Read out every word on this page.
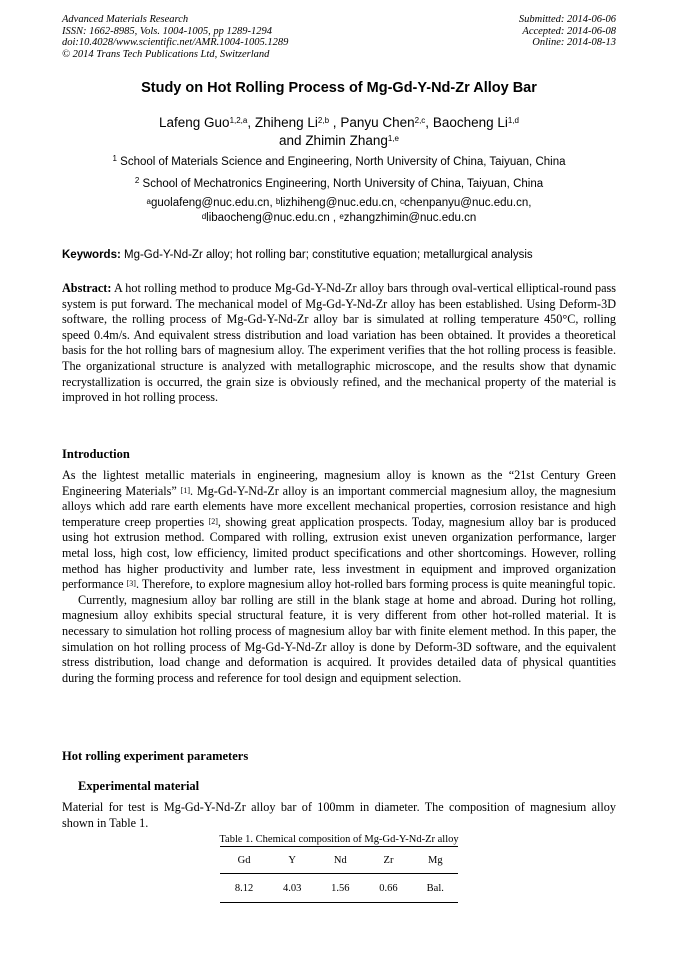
Advanced Materials Research
ISSN: 1662-8985, Vols. 1004-1005, pp 1289-1294
doi:10.4028/www.scientific.net/AMR.1004-1005.1289
© 2014 Trans Tech Publications Ltd, Switzerland
Submitted: 2014-06-06
Accepted: 2014-06-08
Online: 2014-08-13
Study on Hot Rolling Process of Mg-Gd-Y-Nd-Zr Alloy Bar
Lafeng Guo$^{1,2,a}$, Zhiheng Li$^{2,b}$ , Panyu Chen$^{2,c}$, Baocheng Li$^{1,d}$
and Zhimin Zhang$^{1,e}$
$^1$ School of Materials Science and Engineering, North University of China, Taiyuan, China
$^2$ School of Mechatronics Engineering, North University of China, Taiyuan, China
$^a$guolafeng@nuc.edu.cn, $^b$lizhiheng@nuc.edu.cn, $^c$chenpanyu@nuc.edu.cn,
$^d$libaocheng@nuc.edu.cn , $^e$zhangzhimin@nuc.edu.cn
Keywords: Mg-Gd-Y-Nd-Zr alloy; hot rolling bar; constitutive equation; metallurgical analysis

Abstract: A hot rolling method to produce Mg-Gd-Y-Nd-Zr alloy bars through oval-vertical elliptical-round pass system is put forward. The mechanical model of Mg-Gd-Y-Nd-Zr alloy has been established. Using Deform-3D software, the rolling process of Mg-Gd-Y-Nd-Zr alloy bar is simulated at rolling temperature 450°C, rolling speed 0.4m/s. And equivalent stress distribution and load variation has been obtained. It provides a theoretical basis for the hot rolling bars of magnesium alloy. The experiment verifies that the hot rolling process is feasible. The organizational structure is analyzed with metallographic microscope, and the results show that dynamic recrystallization is occurred, the grain size is obviously refined, and the mechanical property of the material is improved in hot rolling process.

Introduction

As the lightest metallic materials in engineering, magnesium alloy is known as the “21st Century Green Engineering Materials” [1]. Mg-Gd-Y-Nd-Zr alloy is an important commercial magnesium alloy, the magnesium alloys which add rare earth elements have more excellent mechanical properties, corrosion resistance and high temperature creep properties [2], showing great application prospects. Today, magnesium alloy bar is produced using hot extrusion method. Compared with rolling, extrusion exist uneven organization performance, larger metal loss, high cost, low efficiency, limited product specifications and other shortcomings. However, rolling method has higher productivity and lumber rate, less investment in equipment and improved organization performance [3]. Therefore, to explore magnesium alloy hot-rolled bars forming process is quite meaningful topic.

Currently, magnesium alloy bar rolling are still in the blank stage at home and abroad. During hot rolling, magnesium alloy exhibits special structural feature, it is very different from other hot-rolled material. It is necessary to simulation hot rolling process of magnesium alloy bar with finite element method. In this paper, the simulation on hot rolling process of Mg-Gd-Y-Nd-Zr alloy is done by Deform-3D software, and the equivalent stress distribution, load change and deformation is acquired. It provides detailed data of physical quantities during the forming process and reference for tool design and equipment selection.

Hot rolling experiment parameters
Experimental material

Material for test is Mg-Gd-Y-Nd-Zr alloy bar of 100mm in diameter. The composition of magnesium alloy shown in Table 1.

Table 1. Chemical composition of Mg-Gd-Y-Nd-Zr alloy
Gd	Y	Nd	Zr	Mg
8.12	4.03	1.56	0.66	Bal.
